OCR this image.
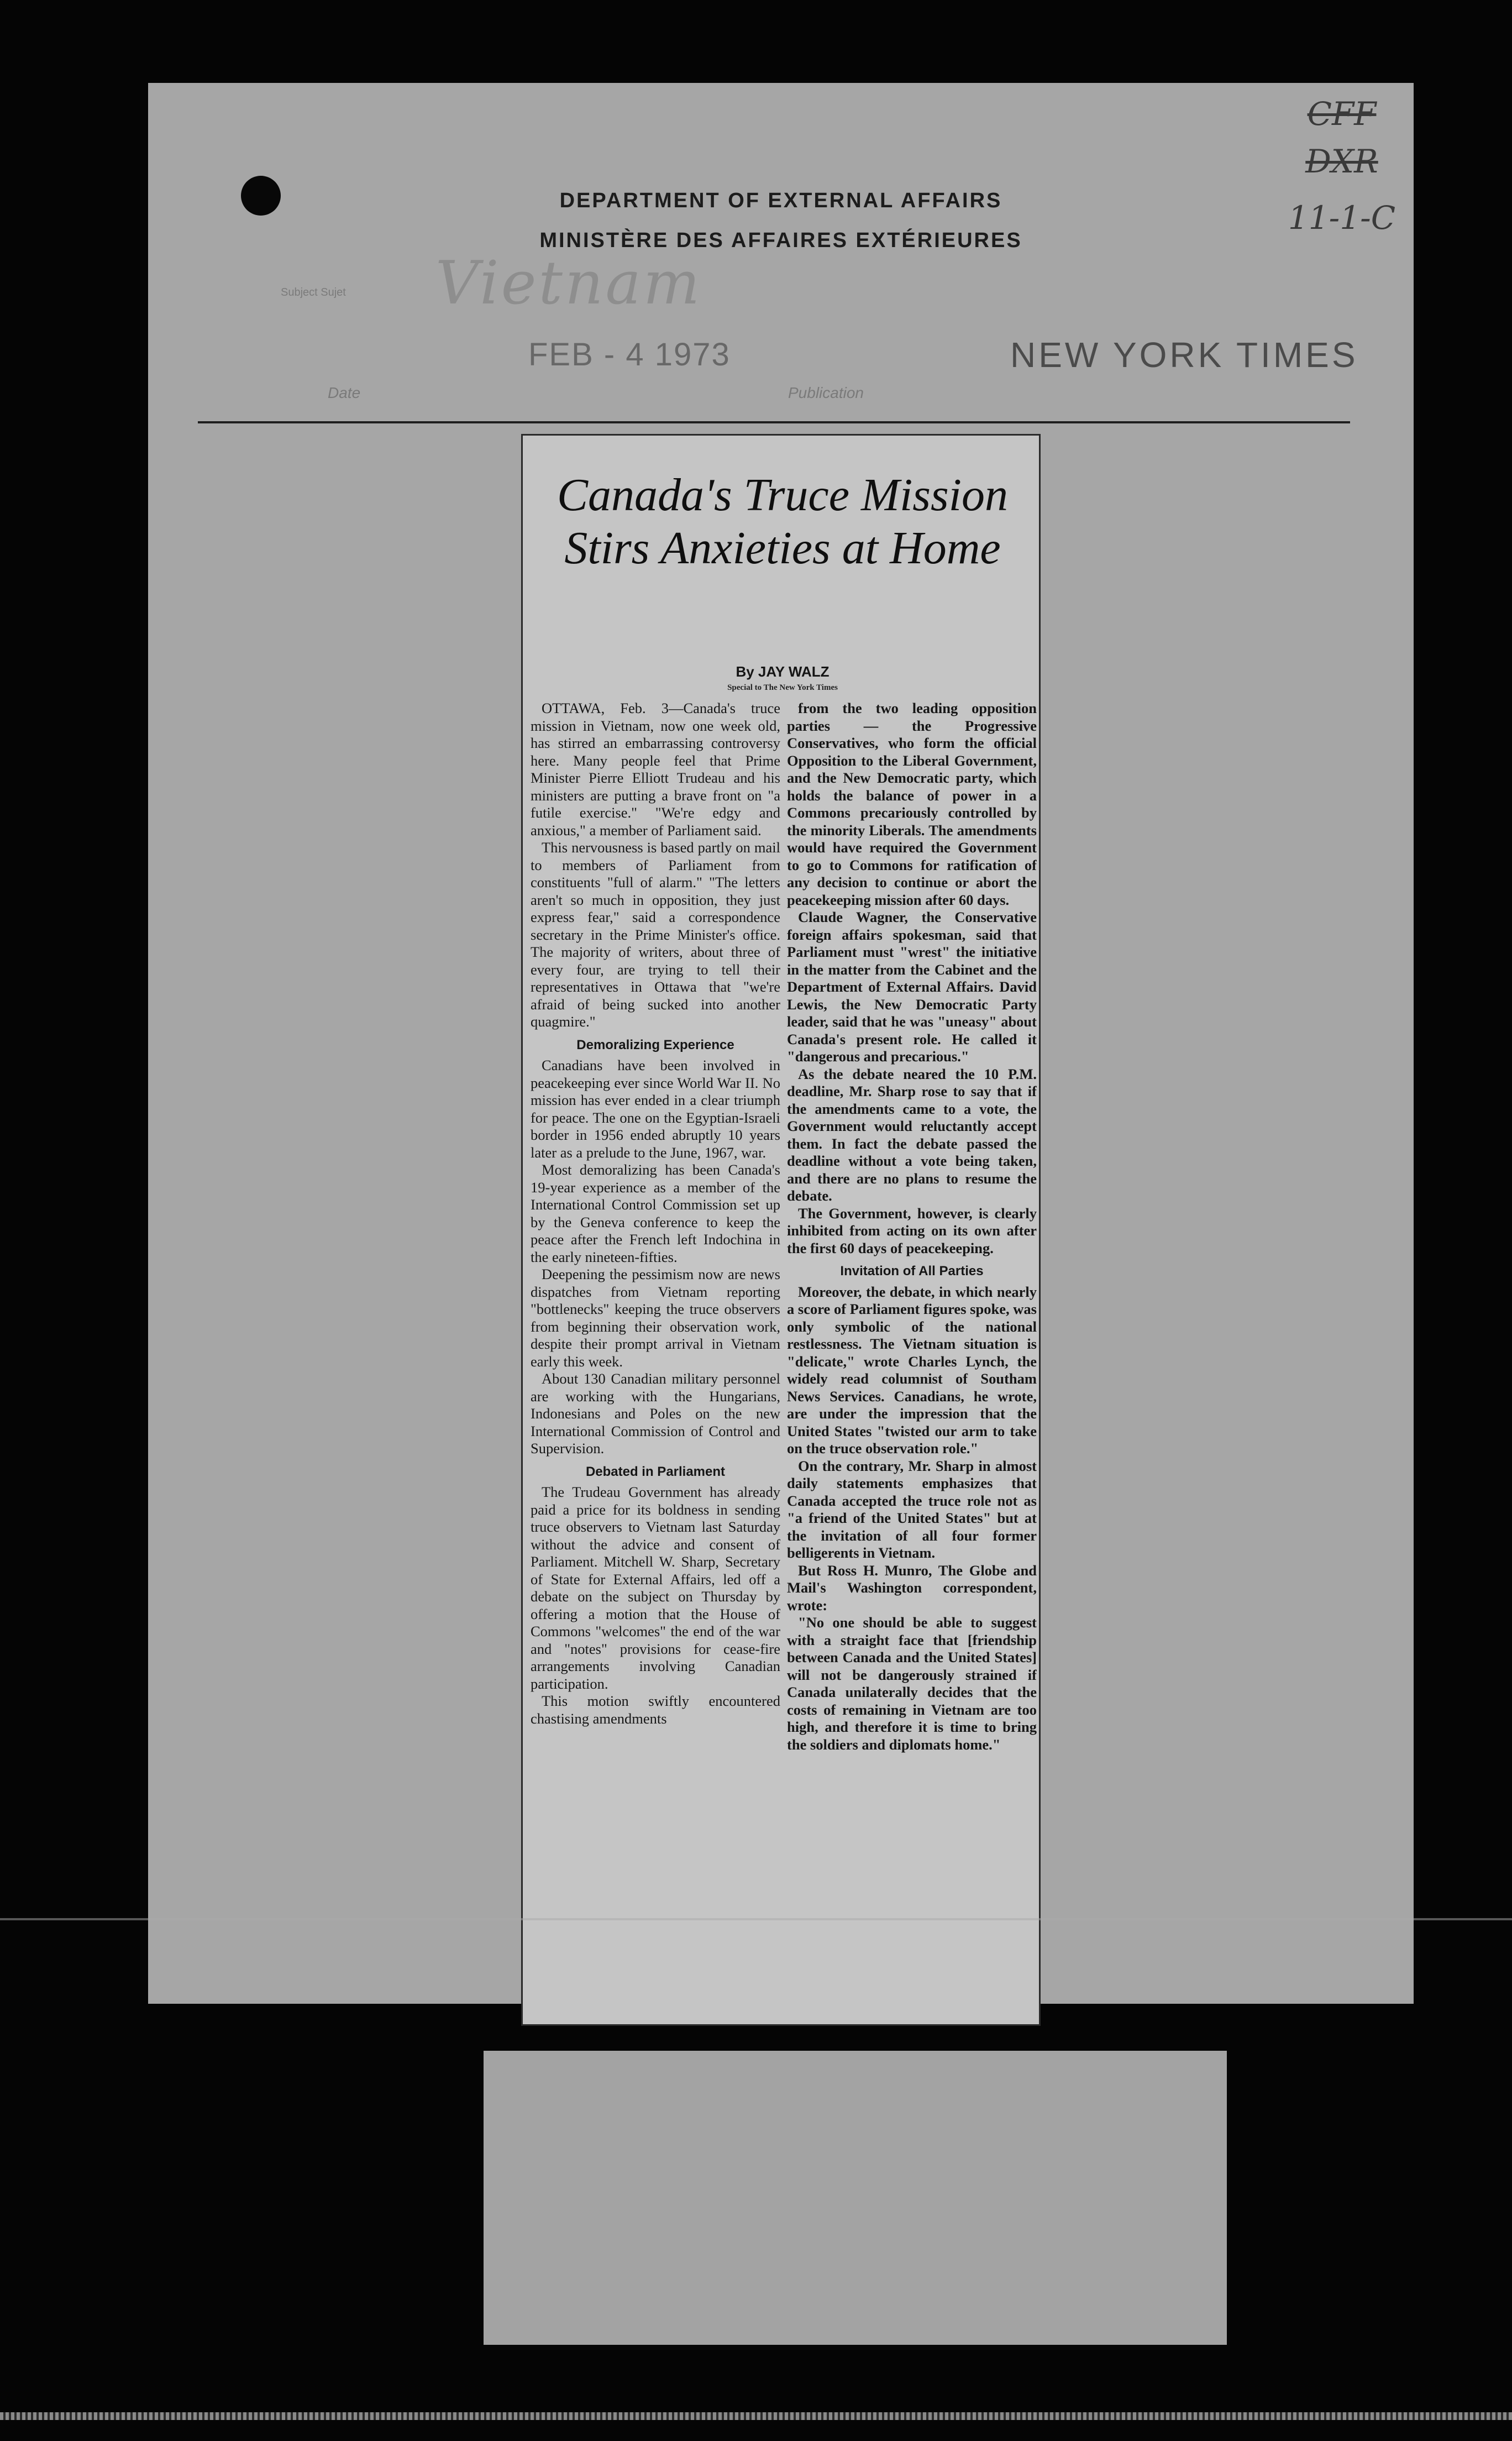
CFF
DXR
11-1-C
DEPARTMENT OF EXTERNAL AFFAIRS
MINISTÈRE DES AFFAIRES EXTÉRIEURES
Subject Sujet Vietnam
FEB - 4 1973	NEW YORK TIMES
Date	Publication
Canada's Truce Mission Stirs Anxieties at Home
By JAY WALZ
Special to The New York Times

OTTAWA, Feb. 3—Canada's truce mission in Vietnam, now one week old, has stirred an embarrassing controversy here. Many people feel that Prime Minister Pierre Elliott Trudeau and his ministers are putting a brave front on "a futile exercise." "We're edgy and anxious," a member of Parliament said.

This nervousness is based partly on mail to members of Parliament from constituents "full of alarm." "The letters aren't so much in opposition, they just express fear," said a correspondence secretary in the Prime Minister's office. The majority of writers, about three of every four, are trying to tell their representatives in Ottawa that "we're afraid of being sucked into another quagmire."

Demoralizing Experience

Canadians have been involved in peacekeeping ever since World War II. No mission has ever ended in a clear triumph for peace. The one on the Egyptian-Israeli border in 1956 ended abruptly 10 years later as a prelude to the June, 1967, war.

Most demoralizing has been Canada's 19-year experience as a member of the International Control Commission set up by the Geneva conference to keep the peace after the French left Indochina in the early nineteen-fifties.

Deepening the pessimism now are news dispatches from Vietnam reporting "bottlenecks" keeping the truce observers from beginning their observation work, despite their prompt arrival in Vietnam early this week.

About 130 Canadian military personnel are working with the Hungarians, Indonesians and Poles on the new International Commission of Control and Supervision.

Debated in Parliament

The Trudeau Government has already paid a price for its boldness in sending truce observers to Vietnam last Saturday without the advice and consent of Parliament. Mitchell W. Sharp, Secretary of State for External Affairs, led off a debate on the subject on Thursday by offering a motion that the House of Commons "welcomes" the end of the war and "notes" provisions for cease-fire arrangements involving Canadian participation.

This motion swiftly encountered chastising amendments

from the two leading opposition parties — the Progressive Conservatives, who form the official Opposition to the Liberal Government, and the New Democratic party, which holds the balance of power in a Commons precariously controlled by the minority Liberals. The amendments would have required the Government to go to Commons for ratification of any decision to continue or abort the peacekeeping mission after 60 days.

Claude Wagner, the Conservative foreign affairs spokesman, said that Parliament must "wrest" the initiative in the matter from the Cabinet and the Department of External Affairs. David Lewis, the New Democratic Party leader, said that he was "uneasy" about Canada's present role. He called it "dangerous and precarious."

As the debate neared the 10 P.M. deadline, Mr. Sharp rose to say that if the amendments came to a vote, the Government would reluctantly accept them. In fact the debate passed the deadline without a vote being taken, and there are no plans to resume the debate.

The Government, however, is clearly inhibited from acting on its own after the first 60 days of peacekeeping.

Invitation of All Parties

Moreover, the debate, in which nearly a score of Parliament figures spoke, was only symbolic of the national restlessness. The Vietnam situation is "delicate," wrote Charles Lynch, the widely read columnist of Southam News Services. Canadians, he wrote, are under the impression that the United States "twisted our arm to take on the truce observation role."

On the contrary, Mr. Sharp in almost daily statements emphasizes that Canada accepted the truce role not as "a friend of the United States" but at the invitation of all four former belligerents in Vietnam.

But Ross H. Munro, The Globe and Mail's Washington correspondent, wrote:

"No one should be able to suggest with a straight face that [friendship between Canada and the United States] will not be dangerously strained if Canada unilaterally decides that the costs of remaining in Vietnam are too high, and therefore it is time to bring the soldiers and diplomats home."
